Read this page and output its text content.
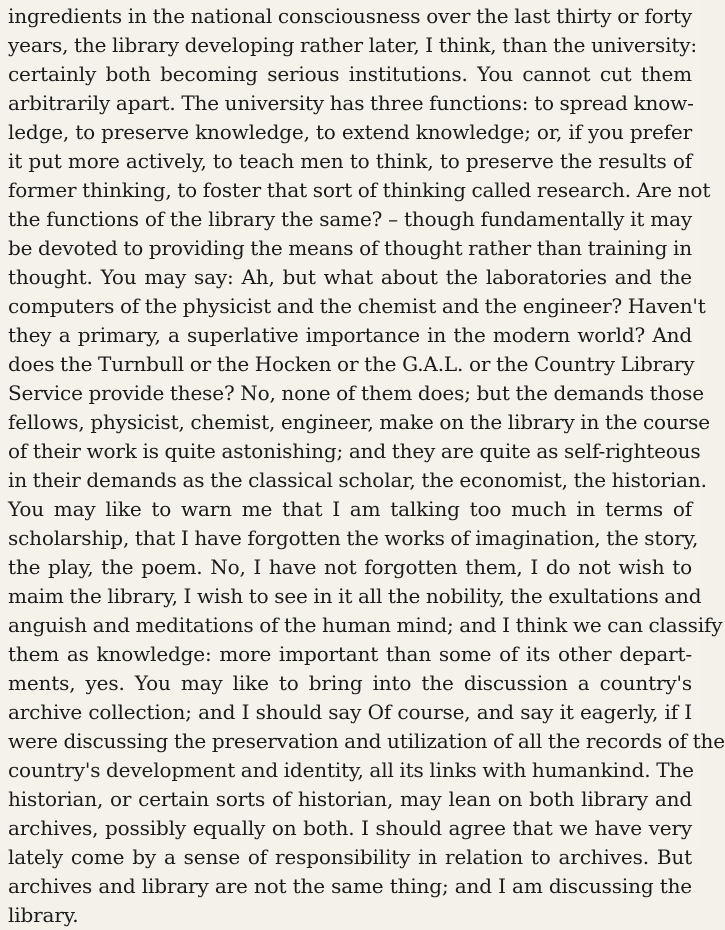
ingredients in the national consciousness over the last thirty or forty
years, the library developing rather later, I think, than the university:
certainly both becoming serious institutions. You cannot cut them
arbitrarily apart. The university has three functions: to spread know-
ledge, to preserve knowledge, to extend knowledge; or, if you prefer
it put more actively, to teach men to think, to preserve the results of
former thinking, to foster that sort of thinking called research. Are not
the functions of the library the same? – though fundamentally it may
be devoted to providing the means of thought rather than training in
thought. You may say: Ah, but what about the laboratories and the
computers of the physicist and the chemist and the engineer? Haven't
they a primary, a superlative importance in the modern world? And
does the Turnbull or the Hocken or the G.A.L. or the Country Library
Service provide these? No, none of them does; but the demands those
fellows, physicist, chemist, engineer, make on the library in the course
of their work is quite astonishing; and they are quite as self-righteous
in their demands as the classical scholar, the economist, the historian.
You may like to warn me that I am talking too much in terms of
scholarship, that I have forgotten the works of imagination, the story,
the play, the poem. No, I have not forgotten them, I do not wish to
maim the library, I wish to see in it all the nobility, the exultations and
anguish and meditations of the human mind; and I think we can classify
them as knowledge: more important than some of its other depart-
ments, yes. You may like to bring into the discussion a country's
archive collection; and I should say Of course, and say it eagerly, if I
were discussing the preservation and utilization of all the records of the
country's development and identity, all its links with humankind. The
historian, or certain sorts of historian, may lean on both library and
archives, possibly equally on both. I should agree that we have very
lately come by a sense of responsibility in relation to archives. But
archives and library are not the same thing; and I am discussing the
library.
